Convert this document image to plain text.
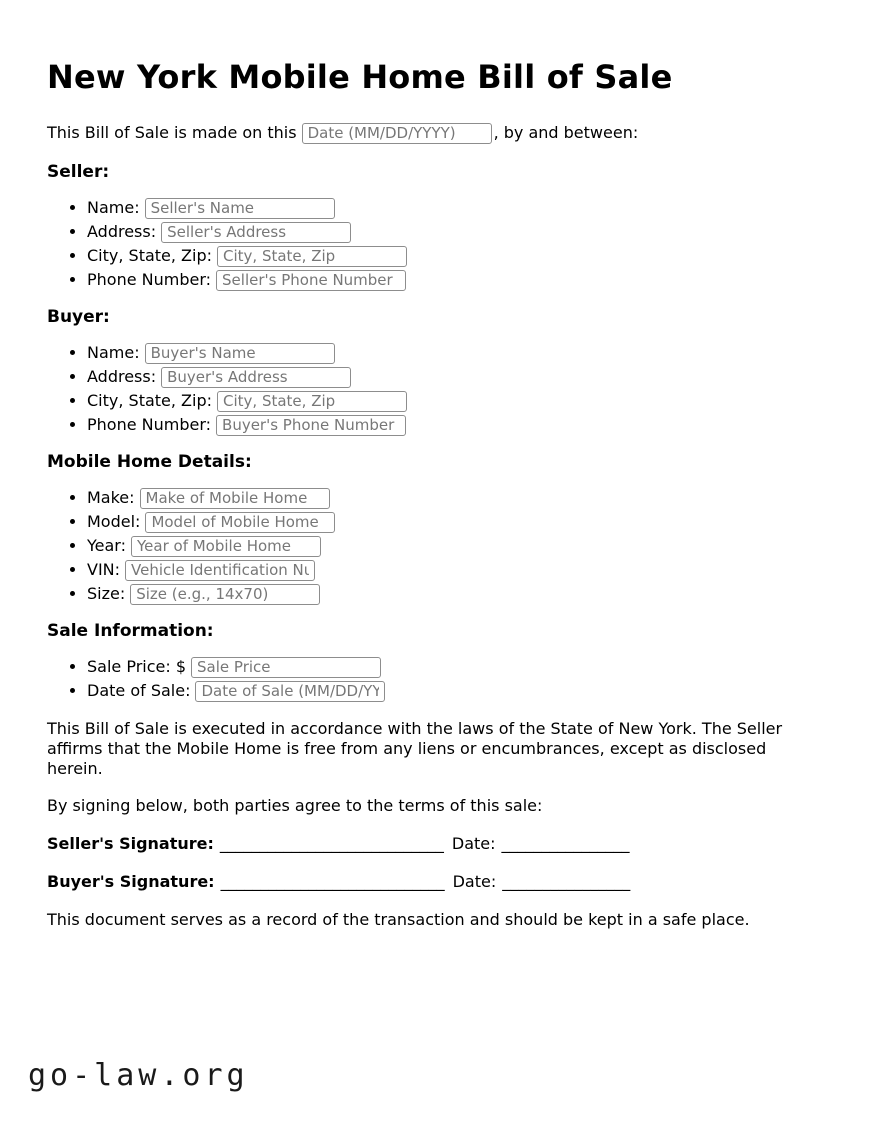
New York Mobile Home Bill of Sale

This Bill of Sale is made on thisDate (MM/DD/YYYY)	, by and between:

Seller:
• Name:Seller's Name
• Address:Seller's Address
• City, State, Zip:City, State, Zip
• Phone Number:Seller's Phone Number
Buyer:
• Name:Buyer's Name
• Address:Buyer's Address
• City, State, Zip:City, State, Zip
• Phone Number:Buyer's Phone Number
Mobile Home Details:
• Make:Make of Mobile Home
• Model:Model of Mobile Home
• Year:Year of Mobile Home
• VIN:Vehicle Identification Number
• Size:Size (e.g., 14x70)
Sale Information:
• Sale Price: $Sale Price
• Date of Sale:Date of Sale (MM/DD/YYYY)

This Bill of Sale is executed in accordance with the laws of the State of New York. The Seller affirms that the Mobile Home is free from any liens or encumbrances, except as disclosed herein.

By signing below, both parties agree to the terms of this sale:

Seller's Signature: ____________________________ Date: ________________

Buyer's Signature: ____________________________ Date: ________________

This document serves as a record of the transaction and should be kept in a safe place.

go-law.org
